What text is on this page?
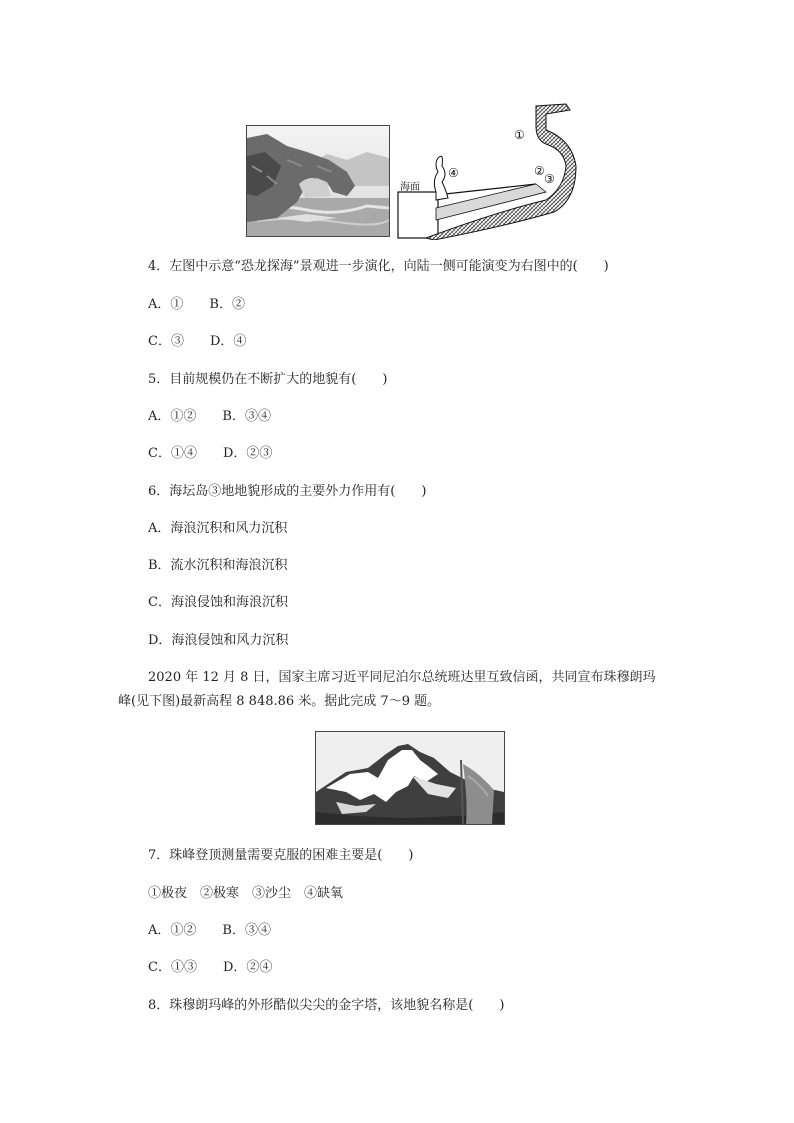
海面
①
②
③
④
4．左图中示意“恐龙探海”景观进一步演化，向陆一侧可能演变为右图中的(　　)
A．①　　B．②
C．③　　D．④
5．目前规模仍在不断扩大的地貌有(　　)
A．①②　　B．③④
C．①④　　D．②③
6．海坛岛③地地貌形成的主要外力作用有(　　)
A．海浪沉积和风力沉积
B．流水沉积和海浪沉积
C．海浪侵蚀和海浪沉积
D．海浪侵蚀和风力沉积
2020 年 12 月 8 日，国家主席习近平同尼泊尔总统班达里互致信函，共同宣布珠穆朗玛
峰(见下图)最新高程 8 848.86 米。据此完成 7～9 题。
7．珠峰登顶测量需要克服的困难主要是(　　)
①极夜　②极寒　③沙尘　④缺氧
A．①②　　B．③④
C．①③　　D．②④
8．珠穆朗玛峰的外形酷似尖尖的金字塔，该地貌名称是(　　)
